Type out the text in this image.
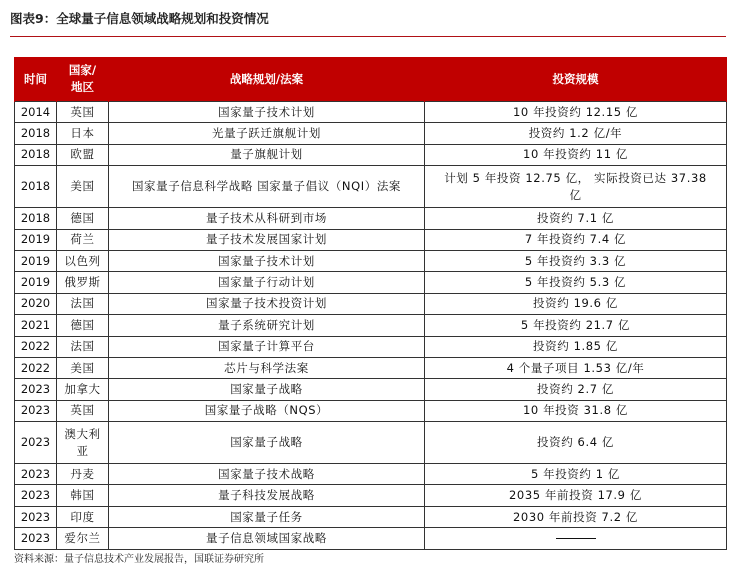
图表9：全球量子信息领域战略规划和投资情况
时间	国家/地区	战略规划/法案	投资规模
2014	英国	国家量子技术计划	10 年投资约 12.15 亿
2018	日本	光量子跃迁旗舰计划	投资约 1.2 亿/年
2018	欧盟	量子旗舰计划	10 年投资约 11 亿
2018	美国	国家量子信息科学战略 国家量子倡议（NQI）法案	计划 5 年投资 12.75 亿， 实际投资已达 37.38 亿
2018	德国	量子技术从科研到市场	投资约 7.1 亿
2019	荷兰	量子技术发展国家计划	7 年投资约 7.4 亿
2019	以色列	国家量子技术计划	5 年投资约 3.3 亿
2019	俄罗斯	国家量子行动计划	5 年投资约 5.3 亿
2020	法国	国家量子技术投资计划	投资约 19.6 亿
2021	德国	量子系统研究计划	5 年投资约 21.7 亿
2022	法国	国家量子计算平台	投资约 1.85 亿
2022	美国	芯片与科学法案	4 个量子项目 1.53 亿/年
2023	加拿大	国家量子战略	投资约 2.7 亿
2023	英国	国家量子战略（NQS）	10 年投资 31.8 亿
2023	澳大利亚	国家量子战略	投资约 6.4 亿
2023	丹麦	国家量子技术战略	5 年投资约 1 亿
2023	韩国	量子科技发展战略	2035 年前投资 17.9 亿
2023	印度	国家量子任务	2030 年前投资 7.2 亿
2023	爱尔兰	量子信息领域国家战略	
资料来源：量子信息技术产业发展报告，国联证券研究所
